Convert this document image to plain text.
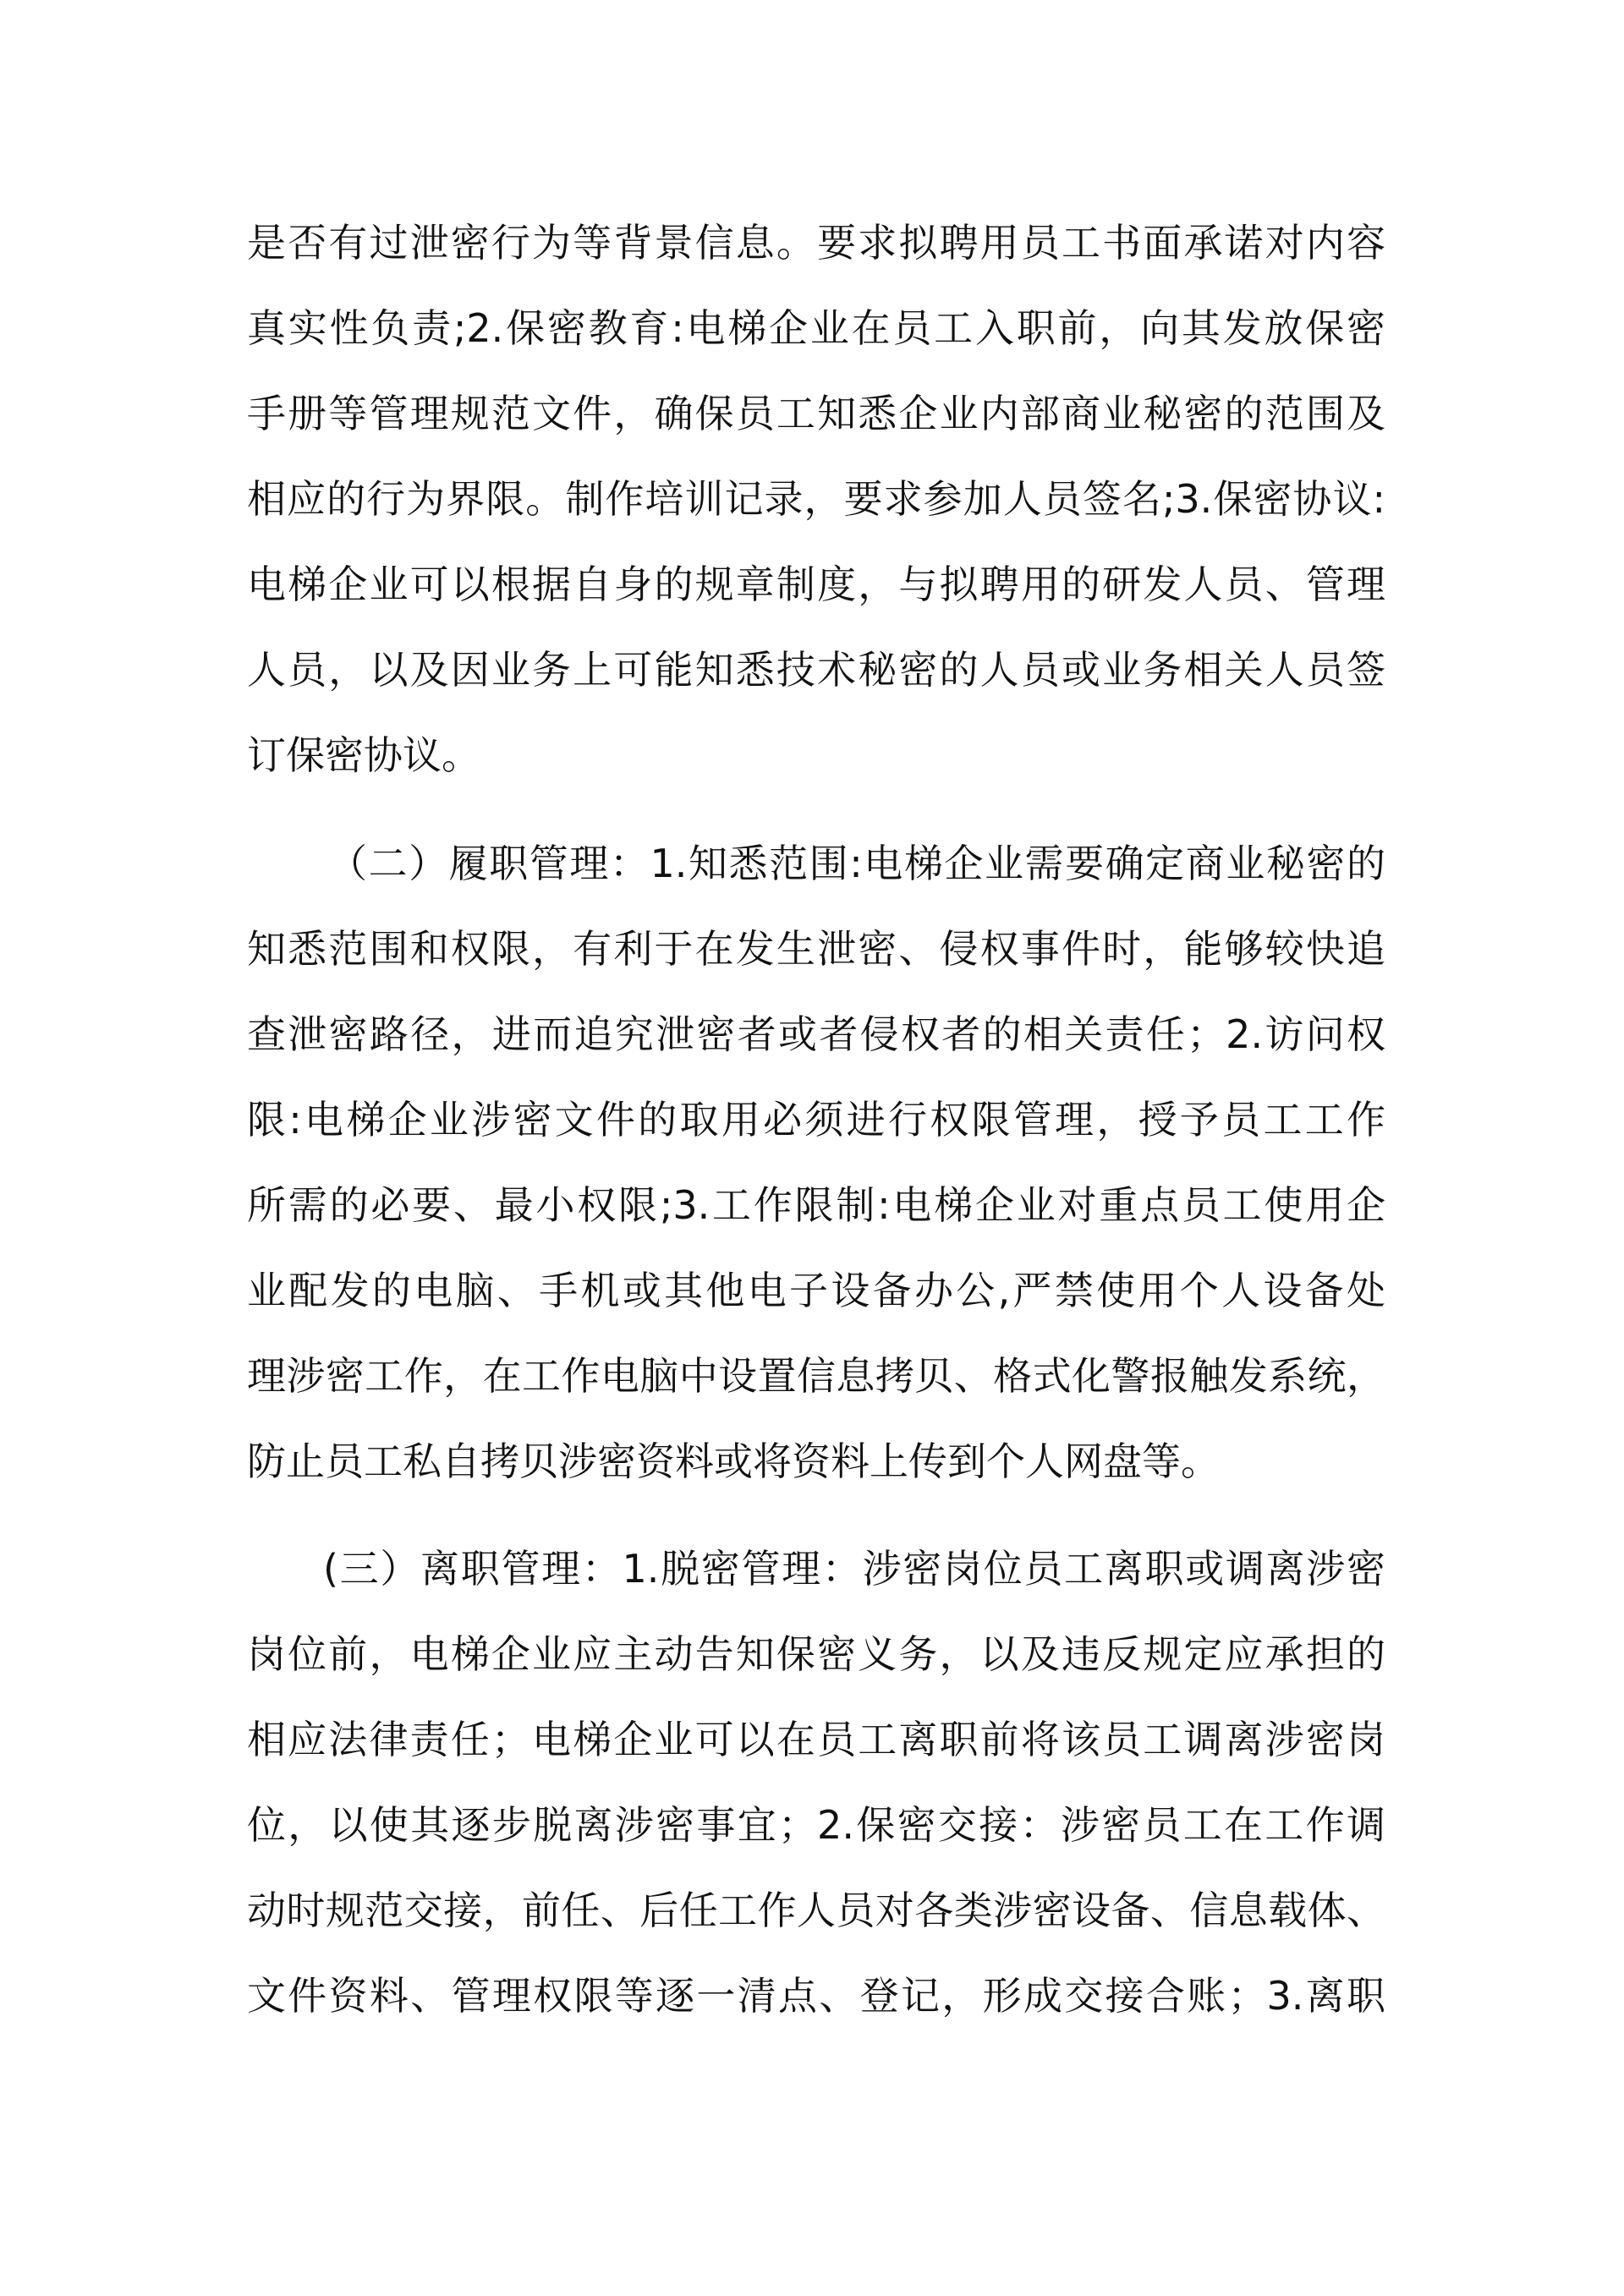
是否有过泄密行为等背景信息。要求拟聘用员工书面承诺对内容
真实性负责;2.保密教育:电梯企业在员工入职前，向其发放保密
手册等管理规范文件，确保员工知悉企业内部商业秘密的范围及
相应的行为界限。制作培训记录，要求参加人员签名;3.保密协议:
电梯企业可以根据自身的规章制度，与拟聘用的研发人员、管理
人员，以及因业务上可能知悉技术秘密的人员或业务相关人员签
订保密协议。
（二）履职管理：1.知悉范围:电梯企业需要确定商业秘密的
知悉范围和权限，有利于在发生泄密、侵权事件时，能够较快追
查泄密路径，进而追究泄密者或者侵权者的相关责任；2.访问权
限:电梯企业涉密文件的取用必须进行权限管理，授予员工工作
所需的必要、最小权限;3.工作限制:电梯企业对重点员工使用企
业配发的电脑、手机或其他电子设备办公,严禁使用个人设备处
理涉密工作，在工作电脑中设置信息拷贝、格式化警报触发系统，
防止员工私自拷贝涉密资料或将资料上传到个人网盘等。
(三）离职管理：1.脱密管理：涉密岗位员工离职或调离涉密
岗位前，电梯企业应主动告知保密义务，以及违反规定应承担的
相应法律责任；电梯企业可以在员工离职前将该员工调离涉密岗
位，以使其逐步脱离涉密事宜；2.保密交接：涉密员工在工作调
动时规范交接，前任、后任工作人员对各类涉密设备、信息载体、
文件资料、管理权限等逐一清点、登记，形成交接合账；3.离职
